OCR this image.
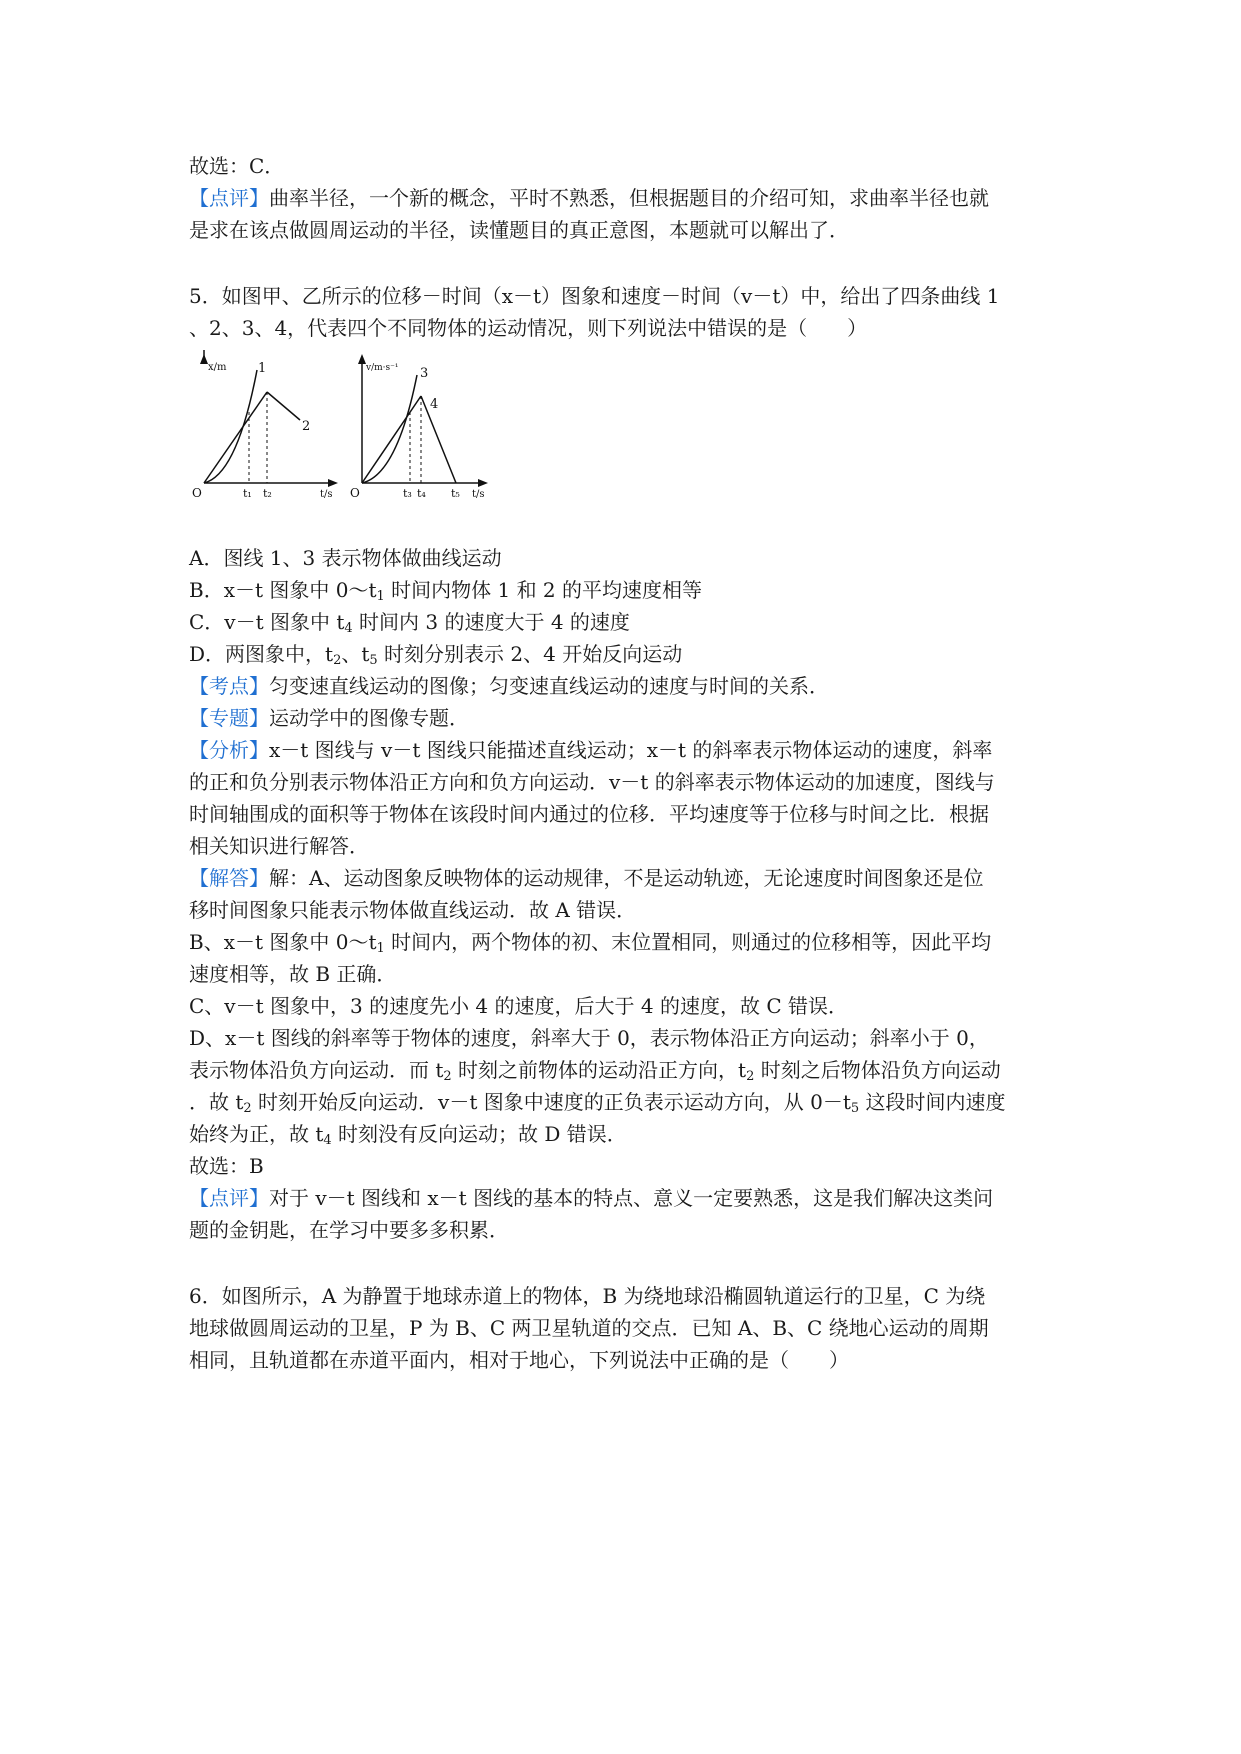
故选：C．
【点评】曲率半径，一个新的概念，平时不熟悉，但根据题目的介绍可知，求曲率半径也就
是求在该点做圆周运动的半径，读懂题目的真正意图，本题就可以解出了．
5．如图甲、乙所示的位移－时间（x－t）图象和速度－时间（v－t）中，给出了四条曲线 1
、2、3、4，代表四个不同物体的运动情况，则下列说法中错误的是（　　）
x/m
t/s
O
1
2
t₁ t₂
v/m·s⁻¹
t/s
O
3
4
t₃ t₄ t₅
A．图线 1、3 表示物体做曲线运动
B．x－t 图象中 $0\sim t_1$ 时间内物体 1 和 2 的平均速度相等
C．v－t 图象中 $t_4$ 时间内 3 的速度大于 4 的速度
D．两图象中，$t_2$、$t_5$ 时刻分别表示 2、4 开始反向运动
【考点】匀变速直线运动的图像；匀变速直线运动的速度与时间的关系．
【专题】运动学中的图像专题．
【分析】x－t 图线与 v－t 图线只能描述直线运动；x－t 的斜率表示物体运动的速度，斜率
的正和负分别表示物体沿正方向和负方向运动．v－t 的斜率表示物体运动的加速度，图线与
时间轴围成的面积等于物体在该段时间内通过的位移．平均速度等于位移与时间之比．根据
相关知识进行解答．
【解答】解：A、运动图象反映物体的运动规律，不是运动轨迹，无论速度时间图象还是位
移时间图象只能表示物体做直线运动．故 A 错误．
B、x－t 图象中 $0\sim t_1$ 时间内，两个物体的初、末位置相同，则通过的位移相等，因此平均
速度相等，故 B 正确．
C、v－t 图象中，3 的速度先小 4 的速度，后大于 4 的速度，故 C 错误．
D、x－t 图线的斜率等于物体的速度，斜率大于 0，表示物体沿正方向运动；斜率小于 0，
表示物体沿负方向运动．而 $t_2$ 时刻之前物体的运动沿正方向，$t_2$ 时刻之后物体沿负方向运动
．故 $t_2$ 时刻开始反向运动．v－t 图象中速度的正负表示运动方向，从 $0-t_5$ 这段时间内速度
始终为正，故 $t_4$ 时刻没有反向运动；故 D 错误．
故选：B
【点评】对于 v－t 图线和 x－t 图线的基本的特点、意义一定要熟悉，这是我们解决这类问
题的金钥匙，在学习中要多多积累．
6．如图所示，A 为静置于地球赤道上的物体，B 为绕地球沿椭圆轨道运行的卫星，C 为绕
地球做圆周运动的卫星，P 为 B、C 两卫星轨道的交点．已知 A、B、C 绕地心运动的周期
相同，且轨道都在赤道平面内，相对于地心，下列说法中正确的是（　　）
